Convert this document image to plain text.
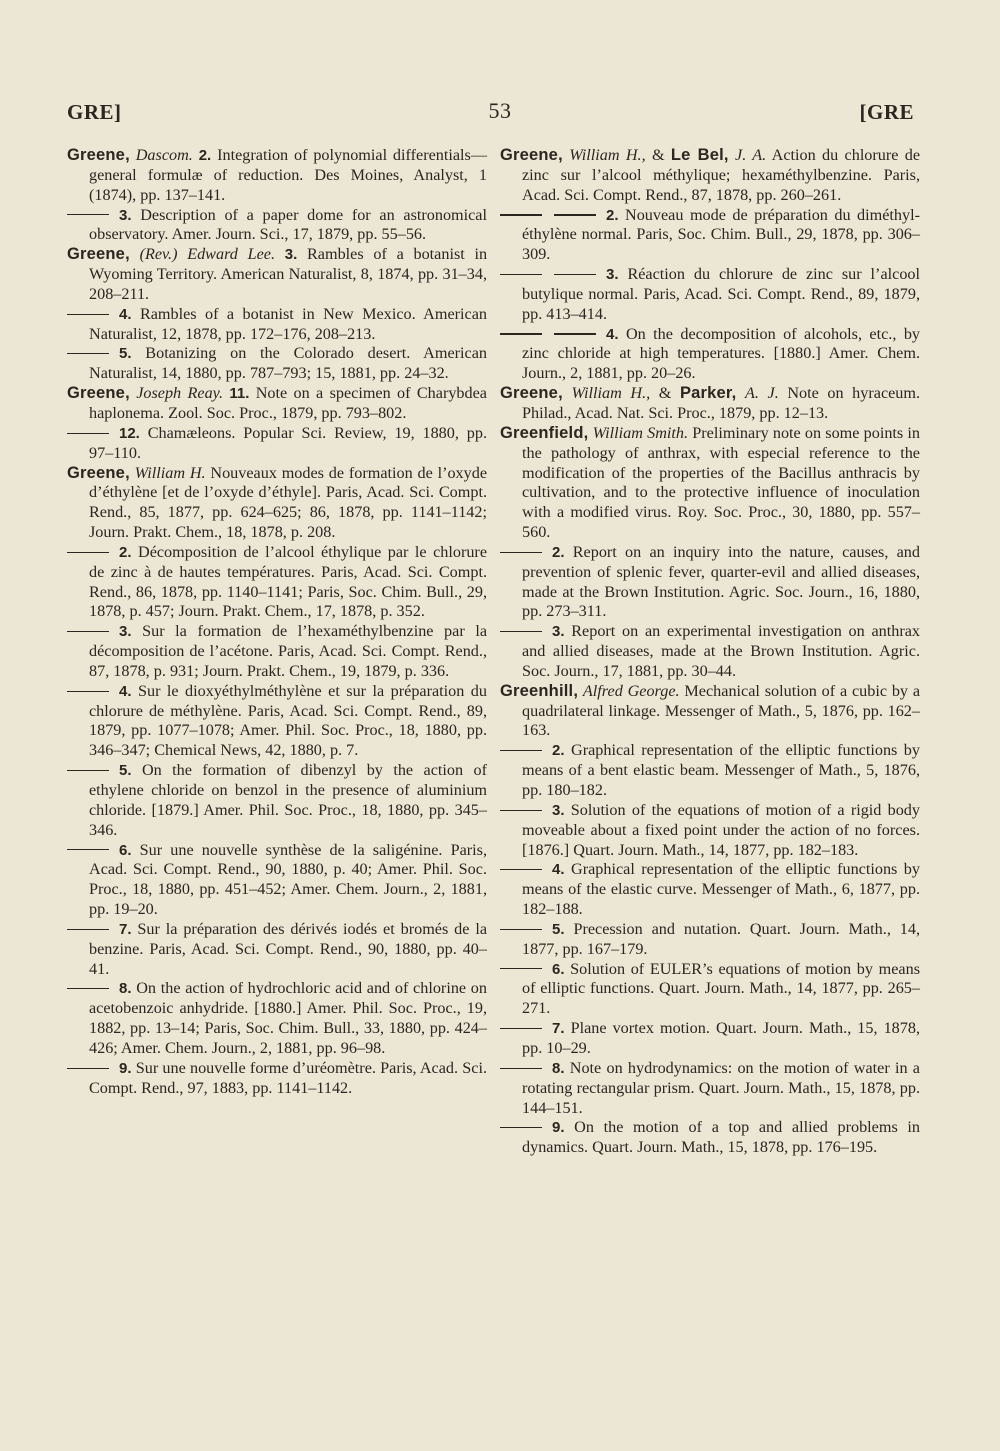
GRE]	53	[GRE

Greene, Dascom. 2. Integration of polynomial differentials—general formulæ of reduction. Des Moines, Analyst, 1 (1874), pp. 137–141.

3. Description of a paper dome for an astronomical observatory. Amer. Journ. Sci., 17, 1879, pp. 55–56.

Greene, (Rev.) Edward Lee. 3. Rambles of a botanist in Wyoming Territory. American Naturalist, 8, 1874, pp. 31–34, 208–211.

4. Rambles of a botanist in New Mexico. American Naturalist, 12, 1878, pp. 172–176, 208–213.

5. Botanizing on the Colorado desert. American Naturalist, 14, 1880, pp. 787–793; 15, 1881, pp. 24–32.

Greene, Joseph Reay. 11. Note on a specimen of Charybdea haplonema. Zool. Soc. Proc., 1879, pp. 793–802.

12. Chamæleons. Popular Sci. Review, 19, 1880, pp. 97–110.

Greene, William H. Nouveaux modes de formation de l’oxyde d’éthylène [et de l’oxyde d’éthyle]. Paris, Acad. Sci. Compt. Rend., 85, 1877, pp. 624–625; 86, 1878, pp. 1141–1142; Journ. Prakt. Chem., 18, 1878, p. 208.

2. Décomposition de l’alcool éthylique par le chlorure de zinc à de hautes températures. Paris, Acad. Sci. Compt. Rend., 86, 1878, pp. 1140–1141; Paris, Soc. Chim. Bull., 29, 1878, p. 457; Journ. Prakt. Chem., 17, 1878, p. 352.

3. Sur la formation de l’hexaméthylbenzine par la décomposition de l’acétone. Paris, Acad. Sci. Compt. Rend., 87, 1878, p. 931; Journ. Prakt. Chem., 19, 1879, p. 336.

4. Sur le dioxyéthylméthylène et sur la préparation du chlorure de méthylène. Paris, Acad. Sci. Compt. Rend., 89, 1879, pp. 1077–1078; Amer. Phil. Soc. Proc., 18, 1880, pp. 346–347; Chemical News, 42, 1880, p. 7.

5. On the formation of dibenzyl by the action of ethylene chloride on benzol in the presence of aluminium chloride. [1879.] Amer. Phil. Soc. Proc., 18, 1880, pp. 345–346.

6. Sur une nouvelle synthèse de la saligénine. Paris, Acad. Sci. Compt. Rend., 90, 1880, p. 40; Amer. Phil. Soc. Proc., 18, 1880, pp. 451–452; Amer. Chem. Journ., 2, 1881, pp. 19–20.

7. Sur la préparation des dérivés iodés et bromés de la benzine. Paris, Acad. Sci. Compt. Rend., 90, 1880, pp. 40–41.

8. On the action of hydrochloric acid and of chlorine on acetobenzoic anhydride. [1880.] Amer. Phil. Soc. Proc., 19, 1882, pp. 13–14; Paris, Soc. Chim. Bull., 33, 1880, pp. 424–426; Amer. Chem. Journ., 2, 1881, pp. 96–98.

9. Sur une nouvelle forme d’uréomètre. Paris, Acad. Sci. Compt. Rend., 97, 1883, pp. 1141–1142.

Greene, William H., & Le Bel, J. A. Action du chlorure de zinc sur l’alcool méthylique; hexaméthylbenzine. Paris, Acad. Sci. Compt. Rend., 87, 1878, pp. 260–261.

2. Nouveau mode de préparation du diméthyl-éthylène normal. Paris, Soc. Chim. Bull., 29, 1878, pp. 306–309.

3. Réaction du chlorure de zinc sur l’alcool butylique normal. Paris, Acad. Sci. Compt. Rend., 89, 1879, pp. 413–414.

4. On the decomposition of alcohols, etc., by zinc chloride at high temperatures. [1880.] Amer. Chem. Journ., 2, 1881, pp. 20–26.

Greene, William H., & Parker, A. J. Note on hyraceum. Philad., Acad. Nat. Sci. Proc., 1879, pp. 12–13.

Greenfield, William Smith. Preliminary note on some points in the pathology of anthrax, with especial reference to the modification of the properties of the Bacillus anthracis by cultivation, and to the protective influence of inoculation with a modified virus. Roy. Soc. Proc., 30, 1880, pp. 557–560.

2. Report on an inquiry into the nature, causes, and prevention of splenic fever, quarter-evil and allied diseases, made at the Brown Institution. Agric. Soc. Journ., 16, 1880, pp. 273–311.

3. Report on an experimental investigation on anthrax and allied diseases, made at the Brown Institution. Agric. Soc. Journ., 17, 1881, pp. 30–44.

Greenhill, Alfred George. Mechanical solution of a cubic by a quadrilateral linkage. Messenger of Math., 5, 1876, pp. 162–163.

2. Graphical representation of the elliptic functions by means of a bent elastic beam. Messenger of Math., 5, 1876, pp. 180–182.

3. Solution of the equations of motion of a rigid body moveable about a fixed point under the action of no forces. [1876.] Quart. Journ. Math., 14, 1877, pp. 182–183.

4. Graphical representation of the elliptic functions by means of the elastic curve. Messenger of Math., 6, 1877, pp. 182–188.

5. Precession and nutation. Quart. Journ. Math., 14, 1877, pp. 167–179.

6. Solution of EULER’s equations of motion by means of elliptic functions. Quart. Journ. Math., 14, 1877, pp. 265–271.

7. Plane vortex motion. Quart. Journ. Math., 15, 1878, pp. 10–29.

8. Note on hydrodynamics: on the motion of water in a rotating rectangular prism. Quart. Journ. Math., 15, 1878, pp. 144–151.

9. On the motion of a top and allied problems in dynamics. Quart. Journ. Math., 15, 1878, pp. 176–195.
